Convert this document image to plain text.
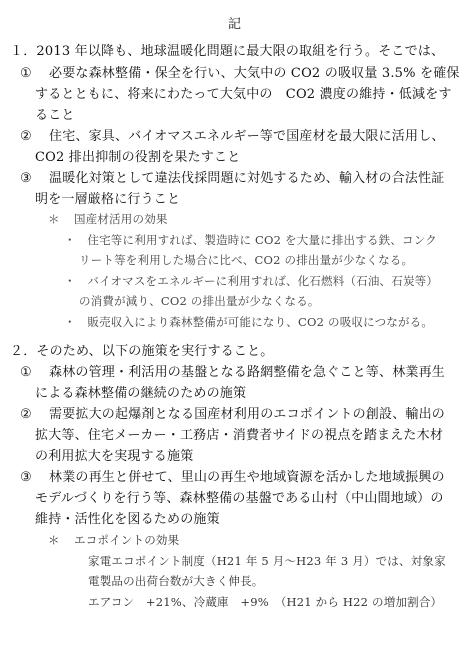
記
１．2013 年以降も、地球温暖化問題に最大限の取組を行う。そこでは、
① 必要な森林整備・保全を行い、大気中の CO2 の吸収量 3.5% を確保
するとともに、将来にわたって大気中の　CO2 濃度の維持・低減をす
ること
② 住宅、家具、バイオマスエネルギー等で国産材を最大限に活用し、
CO2 排出抑制の役割を果たすこと
③ 温暖化対策として違法伐採問題に対処するため、輸入材の合法性証
明を一層厳格に行うこと
＊ 国産材活用の効果
・　住宅等に利用すれば、製造時に CO2 を大量に排出する鉄、コンク
リート等を利用した場合に比べ、CO2 の排出量が少なくなる。
・　バイオマスをエネルギーに利用すれば、化石燃料（石油、石炭等）
の消費が減り、CO2 の排出量が少なくなる。
・　販売収入により森林整備が可能になり、CO2 の吸収につながる。
２．そのため、以下の施策を実行すること。
① 森林の管理・利活用の基盤となる路網整備を急ぐこと等、林業再生
による森林整備の継続のための施策
② 需要拡大の起爆剤となる国産材利用のエコポイントの創設、輸出の
拡大等、住宅メーカー・工務店・消費者サイドの視点を踏まえた木材
の利用拡大を実現する施策
③ 林業の再生と併せて、里山の再生や地域資源を活かした地域振興の
モデルづくりを行う等、森林整備の基盤である山村（中山間地域）の
維持・活性化を図るための施策
＊ エコポイントの効果
家電エコポイント制度（H21 年 5 月～H23 年 3 月）では、対象家
電製品の出荷台数が大きく伸長。
エアコン　+21%、冷蔵庫　+9%　（H21 から H22 の増加割合）
